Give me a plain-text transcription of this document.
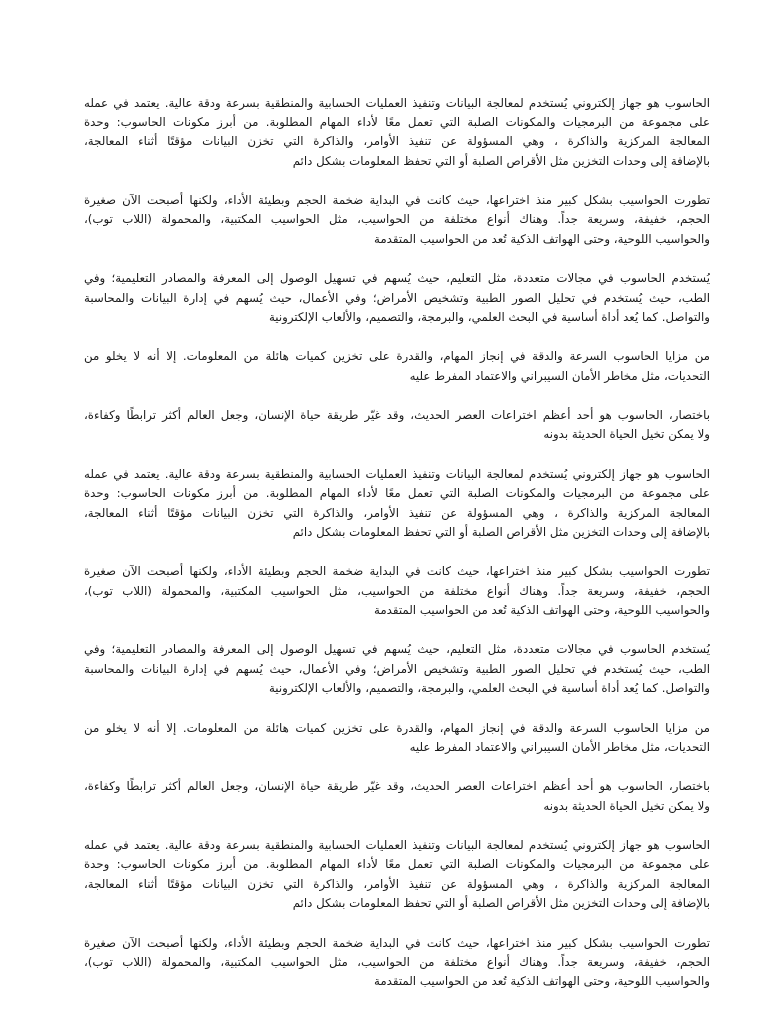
الحاسوب هو جهاز إلكتروني يُستخدم لمعالجة البيانات وتنفيذ العمليات الحسابية والمنطقية بسرعة ودقة عالية. يعتمد في عمله
على مجموعة من البرمجيات والمكونات الصلبة التي تعمل معًا لأداء المهام المطلوبة. من أبرز مكونات الحاسوب: وحدة
المعالجة المركزية والذاكرة ، وهي المسؤولة عن تنفيذ الأوامر، والذاكرة التي تخزن البيانات مؤقتًا أثناء المعالجة،
بالإضافة إلى وحدات التخزين مثل الأقراص الصلبة أو التي تحفظ المعلومات بشكل دائم
تطورت الحواسيب بشكل كبير منذ اختراعها، حيث كانت في البداية ضخمة الحجم وبطيئة الأداء، ولكنها أصبحت الآن صغيرة
الحجم، خفيفة، وسريعة جداً. وهناك أنواع مختلفة من الحواسيب، مثل الحواسيب المكتبية، والمحمولة (اللاب توب)،
والحواسيب اللوحية، وحتى الهواتف الذكية تُعد من الحواسيب المتقدمة
يُستخدم الحاسوب في مجالات متعددة، مثل التعليم، حيث يُسهم في تسهيل الوصول إلى المعرفة والمصادر التعليمية؛ وفي
الطب، حيث يُستخدم في تحليل الصور الطبية وتشخيص الأمراض؛ وفي الأعمال، حيث يُسهم في إدارة البيانات والمحاسبة
والتواصل. كما يُعد أداة أساسية في البحث العلمي، والبرمجة، والتصميم، والألعاب الإلكترونية
من مزايا الحاسوب السرعة والدقة في إنجاز المهام، والقدرة على تخزين كميات هائلة من المعلومات. إلا أنه لا يخلو من
التحديات، مثل مخاطر الأمان السيبراني والاعتماد المفرط عليه
باختصار، الحاسوب هو أحد أعظم اختراعات العصر الحديث، وقد غيّر طريقة حياة الإنسان، وجعل العالم أكثر ترابطًا وكفاءة،
ولا يمكن تخيل الحياة الحديثة بدونه
الحاسوب هو جهاز إلكتروني يُستخدم لمعالجة البيانات وتنفيذ العمليات الحسابية والمنطقية بسرعة ودقة عالية. يعتمد في عمله
على مجموعة من البرمجيات والمكونات الصلبة التي تعمل معًا لأداء المهام المطلوبة. من أبرز مكونات الحاسوب: وحدة
المعالجة المركزية والذاكرة ، وهي المسؤولة عن تنفيذ الأوامر، والذاكرة التي تخزن البيانات مؤقتًا أثناء المعالجة،
بالإضافة إلى وحدات التخزين مثل الأقراص الصلبة أو التي تحفظ المعلومات بشكل دائم
تطورت الحواسيب بشكل كبير منذ اختراعها، حيث كانت في البداية ضخمة الحجم وبطيئة الأداء، ولكنها أصبحت الآن صغيرة
الحجم، خفيفة، وسريعة جداً. وهناك أنواع مختلفة من الحواسيب، مثل الحواسيب المكتبية، والمحمولة (اللاب توب)،
والحواسيب اللوحية، وحتى الهواتف الذكية تُعد من الحواسيب المتقدمة
يُستخدم الحاسوب في مجالات متعددة، مثل التعليم، حيث يُسهم في تسهيل الوصول إلى المعرفة والمصادر التعليمية؛ وفي
الطب، حيث يُستخدم في تحليل الصور الطبية وتشخيص الأمراض؛ وفي الأعمال، حيث يُسهم في إدارة البيانات والمحاسبة
والتواصل. كما يُعد أداة أساسية في البحث العلمي، والبرمجة، والتصميم، والألعاب الإلكترونية
من مزايا الحاسوب السرعة والدقة في إنجاز المهام، والقدرة على تخزين كميات هائلة من المعلومات. إلا أنه لا يخلو من
التحديات، مثل مخاطر الأمان السيبراني والاعتماد المفرط عليه
باختصار، الحاسوب هو أحد أعظم اختراعات العصر الحديث، وقد غيّر طريقة حياة الإنسان، وجعل العالم أكثر ترابطًا وكفاءة،
ولا يمكن تخيل الحياة الحديثة بدونه
الحاسوب هو جهاز إلكتروني يُستخدم لمعالجة البيانات وتنفيذ العمليات الحسابية والمنطقية بسرعة ودقة عالية. يعتمد في عمله
على مجموعة من البرمجيات والمكونات الصلبة التي تعمل معًا لأداء المهام المطلوبة. من أبرز مكونات الحاسوب: وحدة
المعالجة المركزية والذاكرة ، وهي المسؤولة عن تنفيذ الأوامر، والذاكرة التي تخزن البيانات مؤقتًا أثناء المعالجة،
بالإضافة إلى وحدات التخزين مثل الأقراص الصلبة أو التي تحفظ المعلومات بشكل دائم
تطورت الحواسيب بشكل كبير منذ اختراعها، حيث كانت في البداية ضخمة الحجم وبطيئة الأداء، ولكنها أصبحت الآن صغيرة
الحجم، خفيفة، وسريعة جداً. وهناك أنواع مختلفة من الحواسيب، مثل الحواسيب المكتبية، والمحمولة (اللاب توب)،
والحواسيب اللوحية، وحتى الهواتف الذكية تُعد من الحواسيب المتقدمة
